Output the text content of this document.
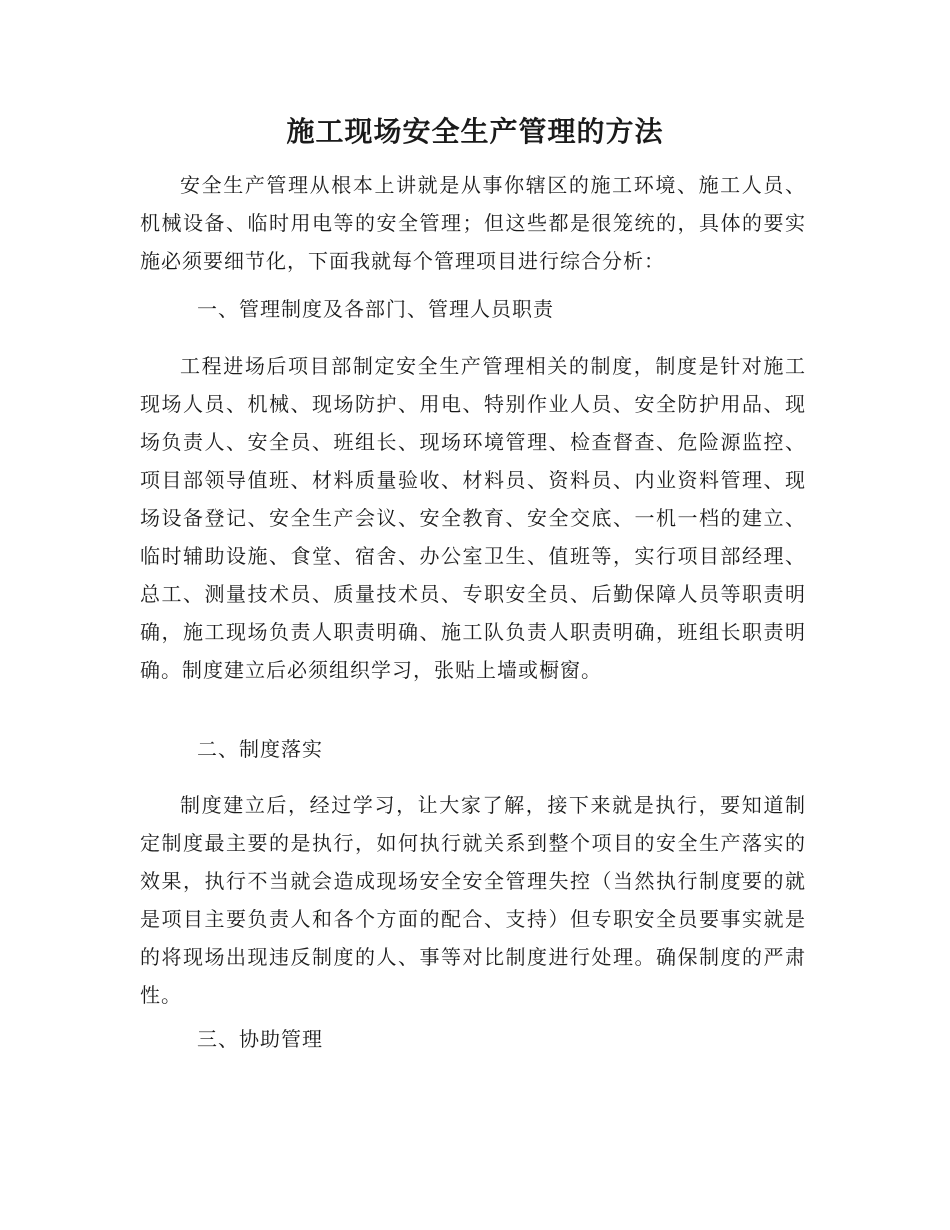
施工现场安全生产管理的方法

安全生产管理从根本上讲就是从事你辖区的施工环境、施工人员、机械设备、临时用电等的安全管理；但这些都是很笼统的，具体的要实施必须要细节化，下面我就每个管理项目进行综合分析：

一、管理制度及各部门、管理人员职责

工程进场后项目部制定安全生产管理相关的制度，制度是针对施工现场人员、机械、现场防护、用电、特别作业人员、安全防护用品、现场负责人、安全员、班组长、现场环境管理、检查督查、危险源监控、项目部领导值班、材料质量验收、材料员、资料员、内业资料管理、现场设备登记、安全生产会议、安全教育、安全交底、一机一档的建立、临时辅助设施、食堂、宿舍、办公室卫生、值班等，实行项目部经理、总工、测量技术员、质量技术员、专职安全员、后勤保障人员等职责明确，施工现场负责人职责明确、施工队负责人职责明确，班组长职责明确。制度建立后必须组织学习，张贴上墙或橱窗。

二、制度落实

制度建立后，经过学习，让大家了解，接下来就是执行，要知道制定制度最主要的是执行，如何执行就关系到整个项目的安全生产落实的效果，执行不当就会造成现场安全安全管理失控（当然执行制度要的就是项目主要负责人和各个方面的配合、支持）但专职安全员要事实就是的将现场出现违反制度的人、事等对比制度进行处理。确保制度的严肃性。

三、协助管理
